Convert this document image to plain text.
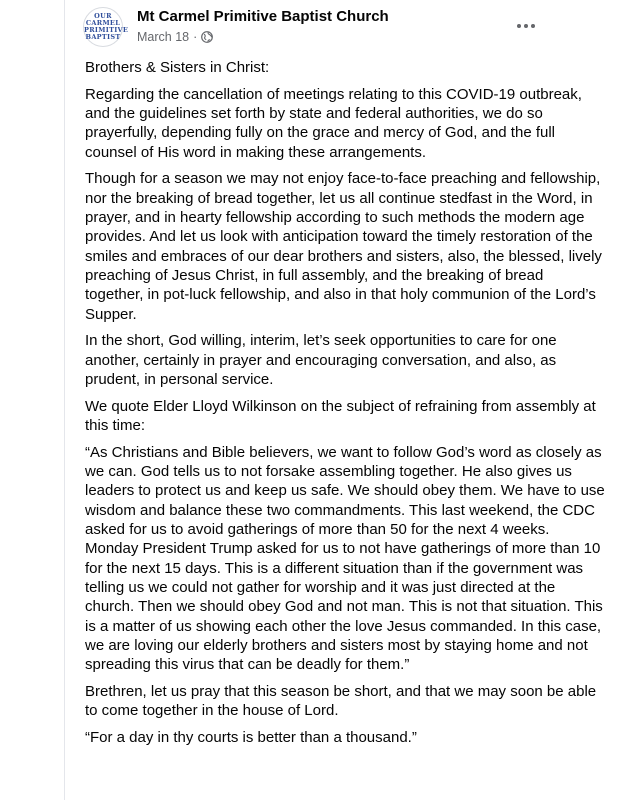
OUR
CARMEL
PRIMITIVE
BAPTIST
Mt Carmel Primitive Baptist Church
March 18 ·

Brothers & Sisters in Christ:

Regarding the cancellation of meetings relating to this COVID-19 outbreak, and the guidelines set forth by state and federal authorities, we do so prayerfully, depending fully on the grace and mercy of God, and the full counsel of His word in making these arrangements.

Though for a season we may not enjoy face-to-face preaching and fellowship, nor the breaking of bread together, let us all continue stedfast in the Word, in prayer, and in hearty fellowship according to such methods the modern age provides. And let us look with anticipation toward the timely restoration of the smiles and embraces of our dear brothers and sisters, also, the blessed, lively preaching of Jesus Christ, in full assembly, and the breaking of bread together, in pot-luck fellowship, and also in that holy communion of the Lord’s Supper.

In the short, God willing, interim, let’s seek opportunities to care for one another, certainly in prayer and encouraging conversation, and also, as prudent, in personal service.

We quote Elder Lloyd Wilkinson on the subject of refraining from assembly at this time:

“As Christians and Bible believers, we want to follow God’s word as closely as we can. God tells us to not forsake assembling together. He also gives us leaders to protect us and keep us safe. We should obey them. We have to use wisdom and balance these two commandments. This last weekend, the CDC asked for us to avoid gatherings of more than 50 for the next 4 weeks. Monday President Trump asked for us to not have gatherings of more than 10 for the next 15 days. This is a different situation than if the government was telling us we could not gather for worship and it was just directed at the church. Then we should obey God and not man. This is not that situation. This is a matter of us showing each other the love Jesus commanded. In this case, we are loving our elderly brothers and sisters most by staying home and not spreading this virus that can be deadly for them.”

Brethren, let us pray that this season be short, and that we may soon be able to come together in the house of Lord.

“For a day in thy courts is better than a thousand.”
